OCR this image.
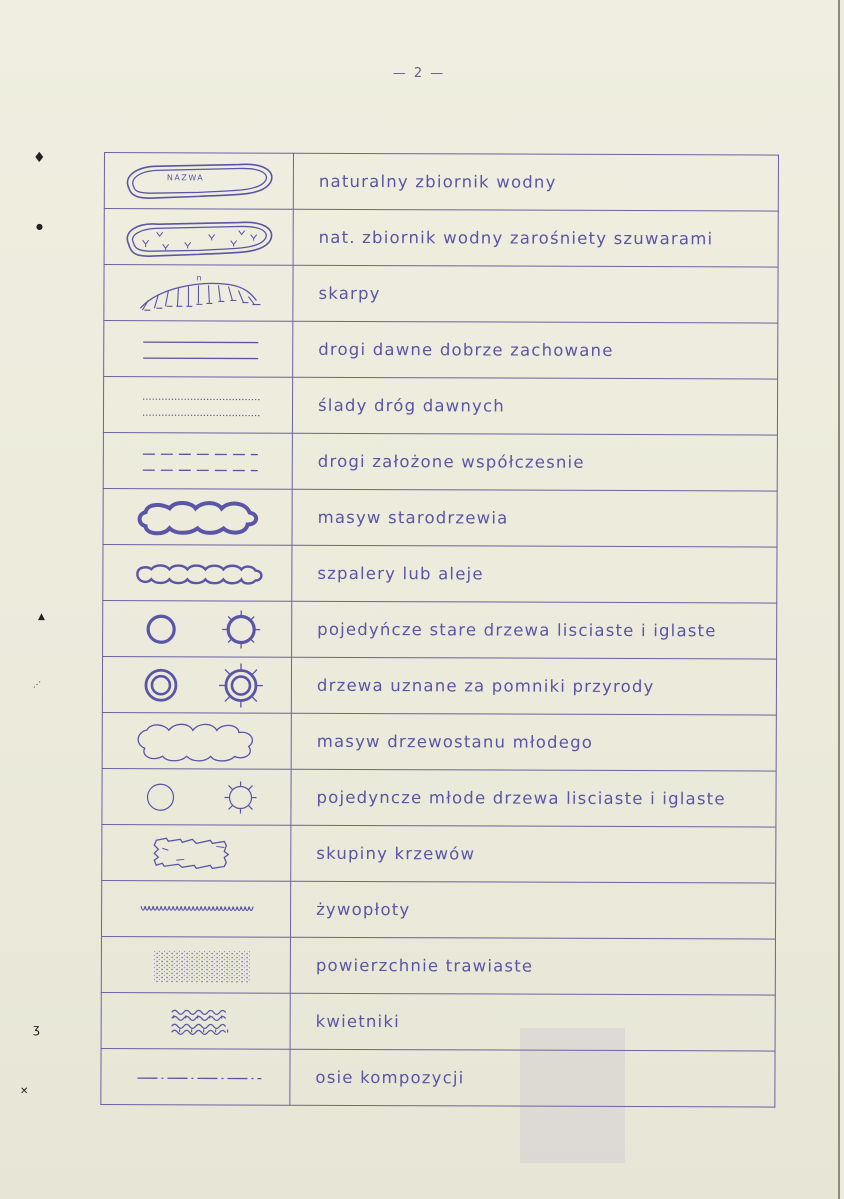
— 2 —
♦
●
▲
⋰
ʒ
✕
NAZWA	naturalny zbiornik wodny

	nat. zbiornik wodny zarośniety szuwarami

n	skarpy

	drogi dawne dobrze zachowane

	ślady dróg dawnych

	drogi założone współczesnie

	masyw starodrzewia

	szpalery lub aleje

	pojedyńcze stare drzewa lisciaste i iglaste

	drzewa uznane za pomniki przyrody

	masyw drzewostanu młodego

	pojedyncze młode drzewa lisciaste i iglaste

	skupiny krzewów

	żywopłoty

	powierzchnie trawiaste

	kwietniki

	osie kompozycji
